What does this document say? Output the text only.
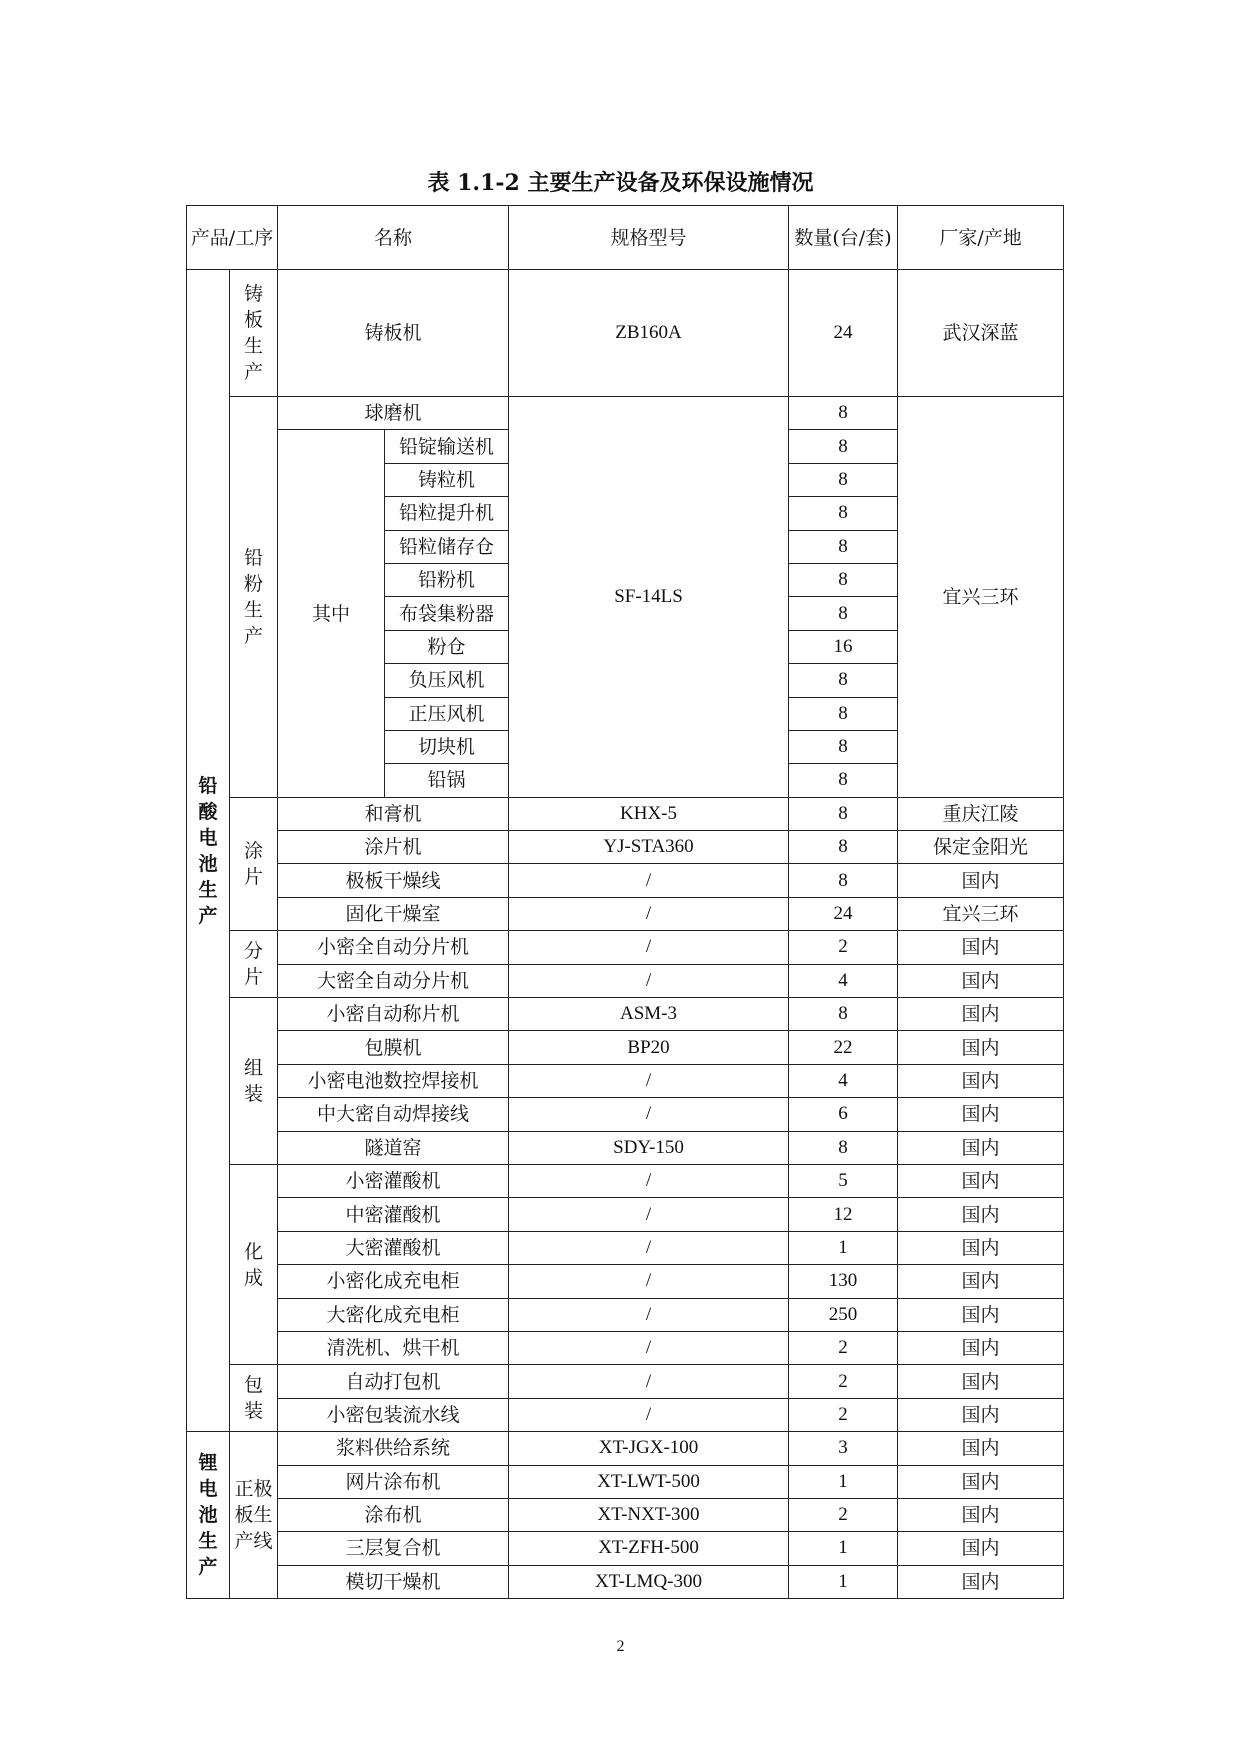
表 1.1-2 主要生产设备及环保设施情况
产品/工序		名称		规格型号	数量(台/套)	厂家/产地

铅酸电池生产	铸板生产	铸板机		ZB160A	24	武汉深蓝

	铅粉生产	球磨机		SF-14LS	8	宜兴三环
		其中	铅锭输送机		8	
			铸粒机		8	
			铅粒提升机		8	
			铅粒储存仓		8	
			铅粉机		8	
			布袋集粉器		8	
			粉仓		16	
			负压风机		8	
			正压风机		8	
			切块机		8	
			铅锅		8	

	涂片	和膏机		KHX-5	8	重庆江陵
		涂片机		YJ-STA360	8	保定金阳光
		极板干燥线		/	8	国内
		固化干燥室		/	24	宜兴三环

	分片	小密全自动分片机		/	2	国内
		大密全自动分片机		/	4	国内

	组装	小密自动称片机		ASM-3	8	国内
		包膜机		BP20	22	国内
		小密电池数控焊接机		/	4	国内
		中大密自动焊接线		/	6	国内
		隧道窑		SDY-150	8	国内

	化成	小密灌酸机		/	5	国内
		中密灌酸机		/	12	国内
		大密灌酸机		/	1	国内
		小密化成充电柜		/	130	国内
		大密化成充电柜		/	250	国内
		清洗机、烘干机		/	2	国内

	包装	自动打包机		/	2	国内
		小密包装流水线		/	2	国内

锂电池生产	正极板生产线	浆料供给系统		XT-JGX-100	3	国内
		网片涂布机		XT-LWT-500	1	国内
		涂布机		XT-NXT-300	2	国内
		三层复合机		XT-ZFH-500	1	国内
		模切干燥机		XT-LMQ-300	1	国内
2
